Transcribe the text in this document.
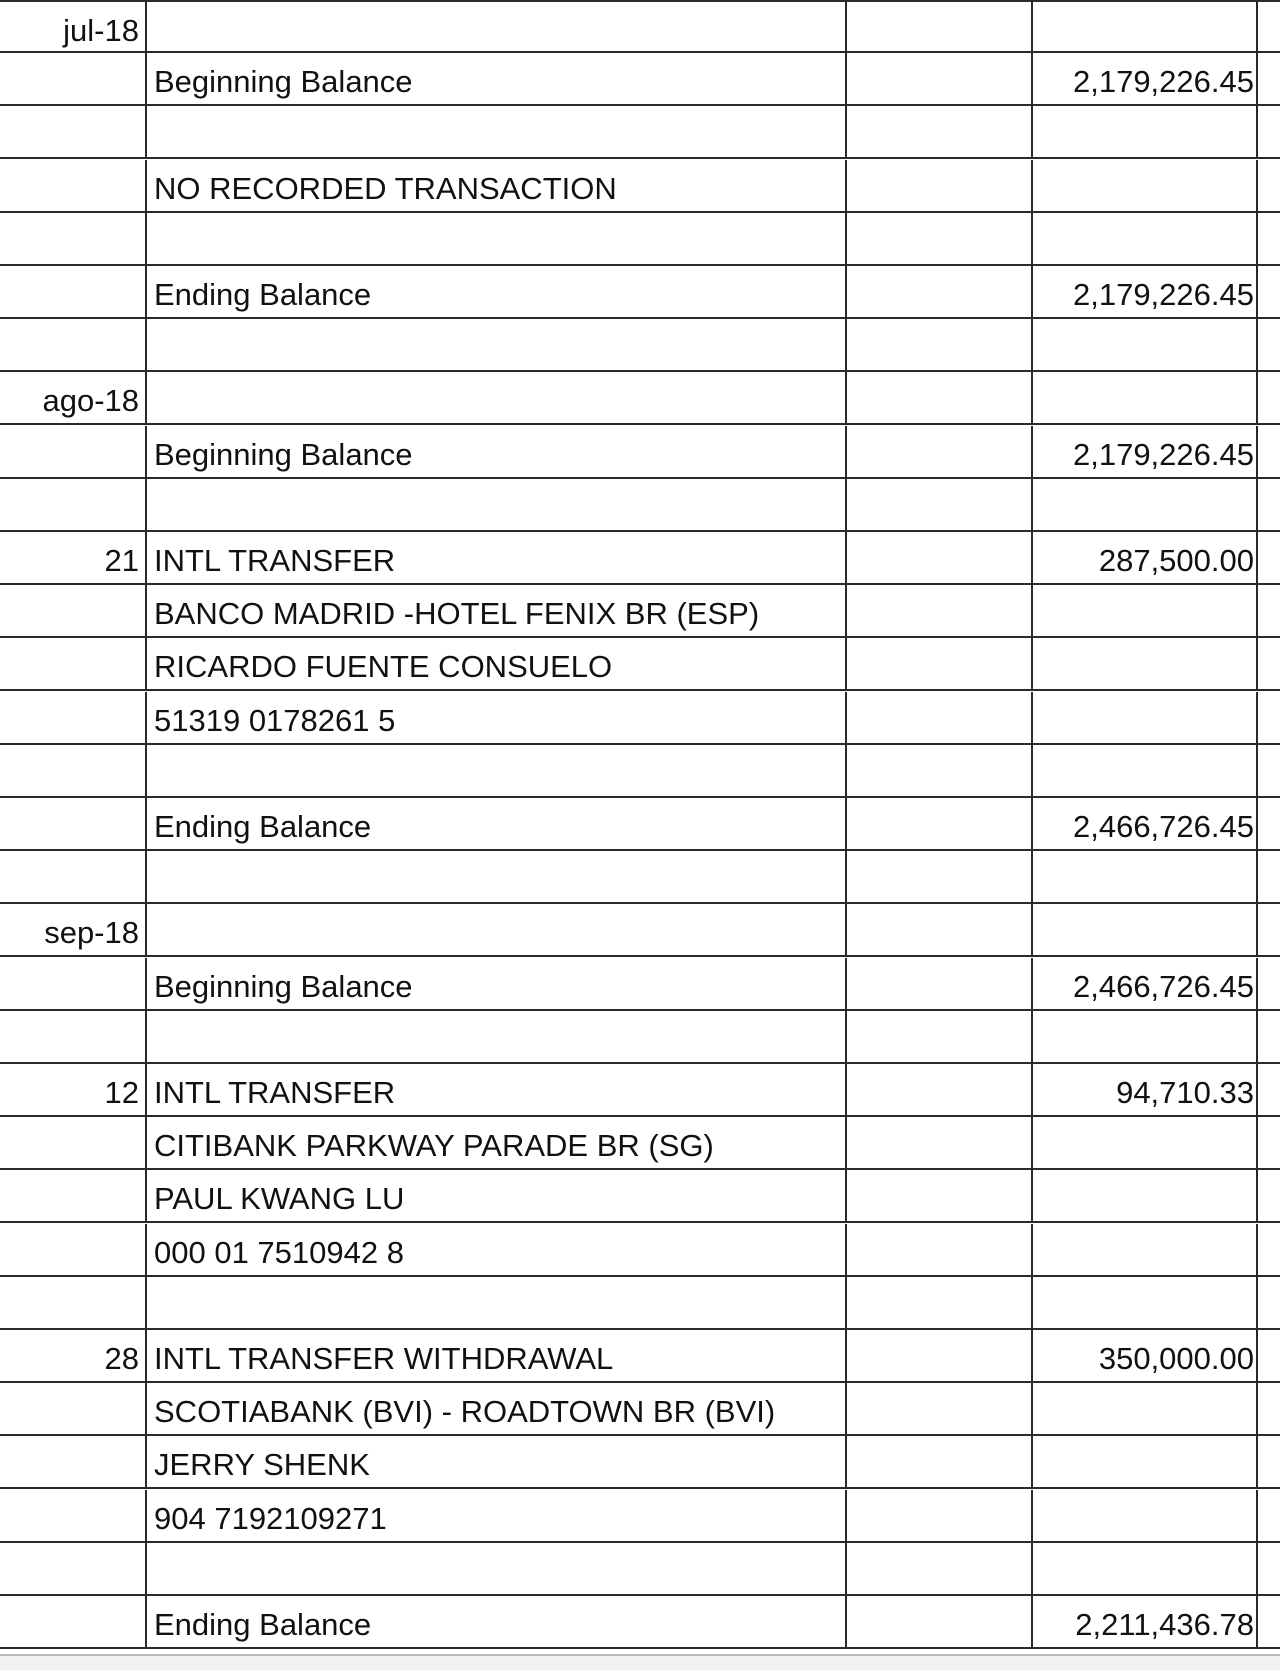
jul-18
Beginning Balance	2,179,226.45
NO RECORDED TRANSACTION
Ending Balance	2,179,226.45
ago-18
Beginning Balance	2,179,226.45
21 INTL TRANSFER	287,500.00
BANCO MADRID -HOTEL FENIX BR (ESP)
RICARDO FUENTE CONSUELO
51319 0178261 5
Ending Balance	2,466,726.45
sep-18
Beginning Balance	2,466,726.45
12 INTL TRANSFER	94,710.33
CITIBANK PARKWAY PARADE BR (SG)
PAUL KWANG LU
000 01 7510942 8
28 INTL TRANSFER WITHDRAWAL	350,000.00
SCOTIABANK (BVI) - ROADTOWN BR (BVI)
JERRY SHENK
904 7192109271
Ending Balance	2,211,436.78
